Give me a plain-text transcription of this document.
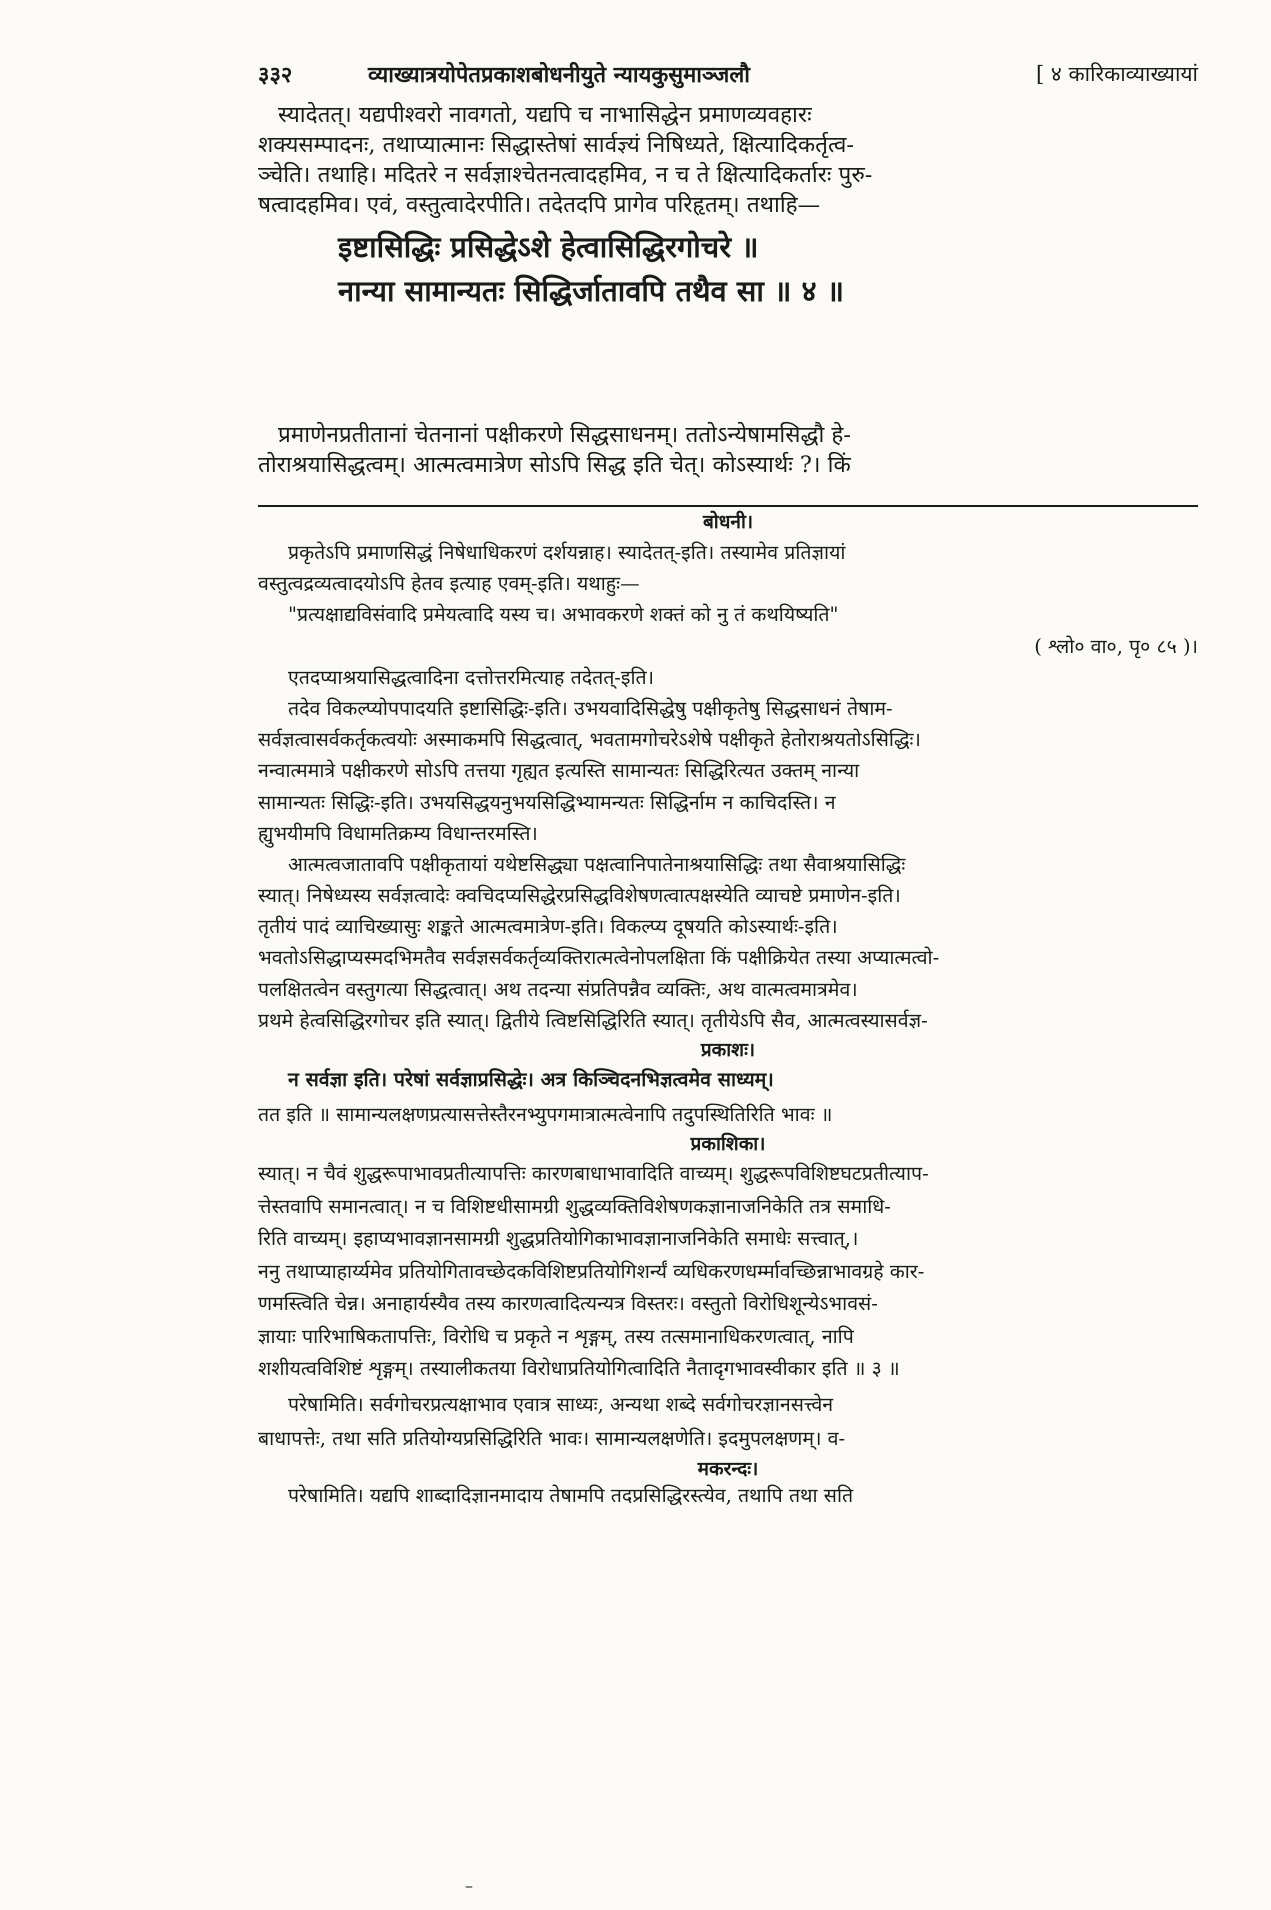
३३२	व्याख्यात्रयोपेतप्रकाशबोधनीयुते न्यायकुसुमाञ्जलौ	[ ४ कारिकाव्याख्यायां
स्यादेतत्। यद्यपीश्वरो नावगतो, यद्यपि च नाभासिद्धेन प्रमाणव्यवहारः
शक्यसम्पादनः, तथाप्यात्मानः सिद्धास्तेषां सार्वज्ञ्यं निषिध्यते, क्षित्यादिकर्तृत्व-
ञ्चेति। तथाहि। मदितरे न सर्वज्ञाश्चेतनत्वादहमिव, न च ते क्षित्यादिकर्तारः पुरु-
षत्वादहमिव। एवं, वस्तुत्वादेरपीति। तदेतदपि प्रागेव परिहृतम्। तथाहि—
इष्टासिद्धिः प्रसिद्धेऽशे हेत्वासिद्धिरगोचरे ॥
नान्या सामान्यतः सिद्धिर्जातावपि तथैव सा ॥ ४ ॥
प्रमाणेनप्रतीतानां चेतनानां पक्षीकरणे सिद्धसाधनम्। ततोऽन्येषामसिद्धौ हे-
तोराश्रयासिद्धत्वम्। आत्मत्वमात्रेण सोऽपि सिद्ध इति चेत्। कोऽस्यार्थः ?। किं
बोधनी।
प्रकृतेऽपि प्रमाणसिद्धं निषेधाधिकरणं दर्शयन्नाह। स्यादेतत्-इति। तस्यामेव प्रतिज्ञायां
वस्तुत्वद्रव्यत्वादयोऽपि हेतव इत्याह एवम्-इति। यथाहुः—
"प्रत्यक्षाद्यविसंवादि प्रमेयत्वादि यस्य च। अभावकरणे शक्तं को नु तं कथयिष्यति"
( श्लो० वा०, पृ० ८५ )।
एतदप्याश्रयासिद्धत्वादिना दत्तोत्तरमित्याह तदेतत्-इति।
तदेव विकल्प्योपपादयति इष्टासिद्धिः-इति। उभयवादिसिद्धेषु पक्षीकृतेषु सिद्धसाधनं तेषाम-
सर्वज्ञत्वासर्वकर्तृकत्वयोः अस्माकमपि सिद्धत्वात्, भवतामगोचरेऽशेषे पक्षीकृते हेतोराश्रयतोऽसिद्धिः।
नन्वात्ममात्रे पक्षीकरणे सोऽपि तत्तया गृह्यत इत्यस्ति सामान्यतः सिद्धिरित्यत उक्तम् नान्या
सामान्यतः सिद्धिः-इति। उभयसिद्धयनुभयसिद्धिभ्यामन्यतः सिद्धिर्नाम न काचिदस्ति। न
ह्युभयीमपि विधामतिक्रम्य विधान्तरमस्ति।
आत्मत्वजातावपि पक्षीकृतायां यथेष्टसिद्ध्या पक्षत्वानिपातेनाश्रयासिद्धिः तथा सैवाश्रयासिद्धिः
स्यात्। निषेध्यस्य सर्वज्ञत्वादेः क्वचिदप्यसिद्धेरप्रसिद्धविशेषणत्वात्पक्षस्येति व्याचष्टे प्रमाणेन-इति।
तृतीयं पादं व्याचिख्यासुः शङ्कते आत्मत्वमात्रेण-इति। विकल्प्य दूषयति कोऽस्यार्थः-इति।
भवतोऽसिद्धाप्यस्मदभिमतैव सर्वज्ञसर्वकर्तृव्यक्तिरात्मत्वेनोपलक्षिता किं पक्षीक्रियेत तस्या अप्यात्मत्वो-
पलक्षितत्वेन वस्तुगत्या सिद्धत्वात्। अथ तदन्या संप्रतिपन्नैव व्यक्तिः, अथ वात्मत्वमात्रमेव।
प्रथमे हेत्वसिद्धिरगोचर इति स्यात्। द्वितीये त्विष्टसिद्धिरिति स्यात्। तृतीयेऽपि सैव, आत्मत्वस्यासर्वज्ञ-
प्रकाशः।
न सर्वज्ञा इति। परेषां सर्वज्ञाप्रसिद्धेः। अत्र किञ्चिदनभिज्ञत्वमेव साध्यम्।
तत इति ॥ सामान्यलक्षणप्रत्यासत्तेस्तैरनभ्युपगमात्रात्मत्वेनापि तदुपस्थितिरिति भावः ॥
प्रकाशिका।
स्यात्। न चैवं शुद्धरूपाभावप्रतीत्यापत्तिः कारणबाधाभावादिति वाच्यम्। शुद्धरूपविशिष्टघटप्रतीत्याप-
त्तेस्तवापि समानत्वात्। न च विशिष्टधीसामग्री शुद्धव्यक्तिविशेषणकज्ञानाजनिकेति तत्र समाधि-
रिति वाच्यम्। इहाप्यभावज्ञानसामग्री शुद्धप्रतियोगिकाभावज्ञानाजनिकेति समाधेः सत्त्वात्,।
ननु तथाप्याहार्य्यमेव प्रतियोगितावच्छेदकविशिष्टप्रतियोगिशर्न्यं व्यधिकरणधर्म्मावच्छिन्नाभावग्रहे कार-
णमस्त्विति चेन्न। अनाहार्यस्यैव तस्य कारणत्वादित्यन्यत्र विस्तरः। वस्तुतो विरोधिशून्येऽभावसं-
ज्ञायाः पारिभाषिकतापत्तिः, विरोधि च प्रकृते न शृङ्गम्, तस्य तत्समानाधिकरणत्वात्, नापि
शशीयत्वविशिष्टं शृङ्गम्। तस्यालीकतया विरोधाप्रतियोगित्वादिति नैतादृगभावस्वीकार इति ॥ ३ ॥
परेषामिति। सर्वगोचरप्रत्यक्षाभाव एवात्र साध्यः, अन्यथा शब्दे सर्वगोचरज्ञानसत्त्वेन
बाधापत्तेः, तथा सति प्रतियोग्यप्रसिद्धिरिति भावः। सामान्यलक्षणेति। इदमुपलक्षणम्। व-
मकरन्दः।
परेषामिति। यद्यपि शाब्दादिज्ञानमादाय तेषामपि तदप्रसिद्धिरस्त्येव, तथापि तथा सति
–
